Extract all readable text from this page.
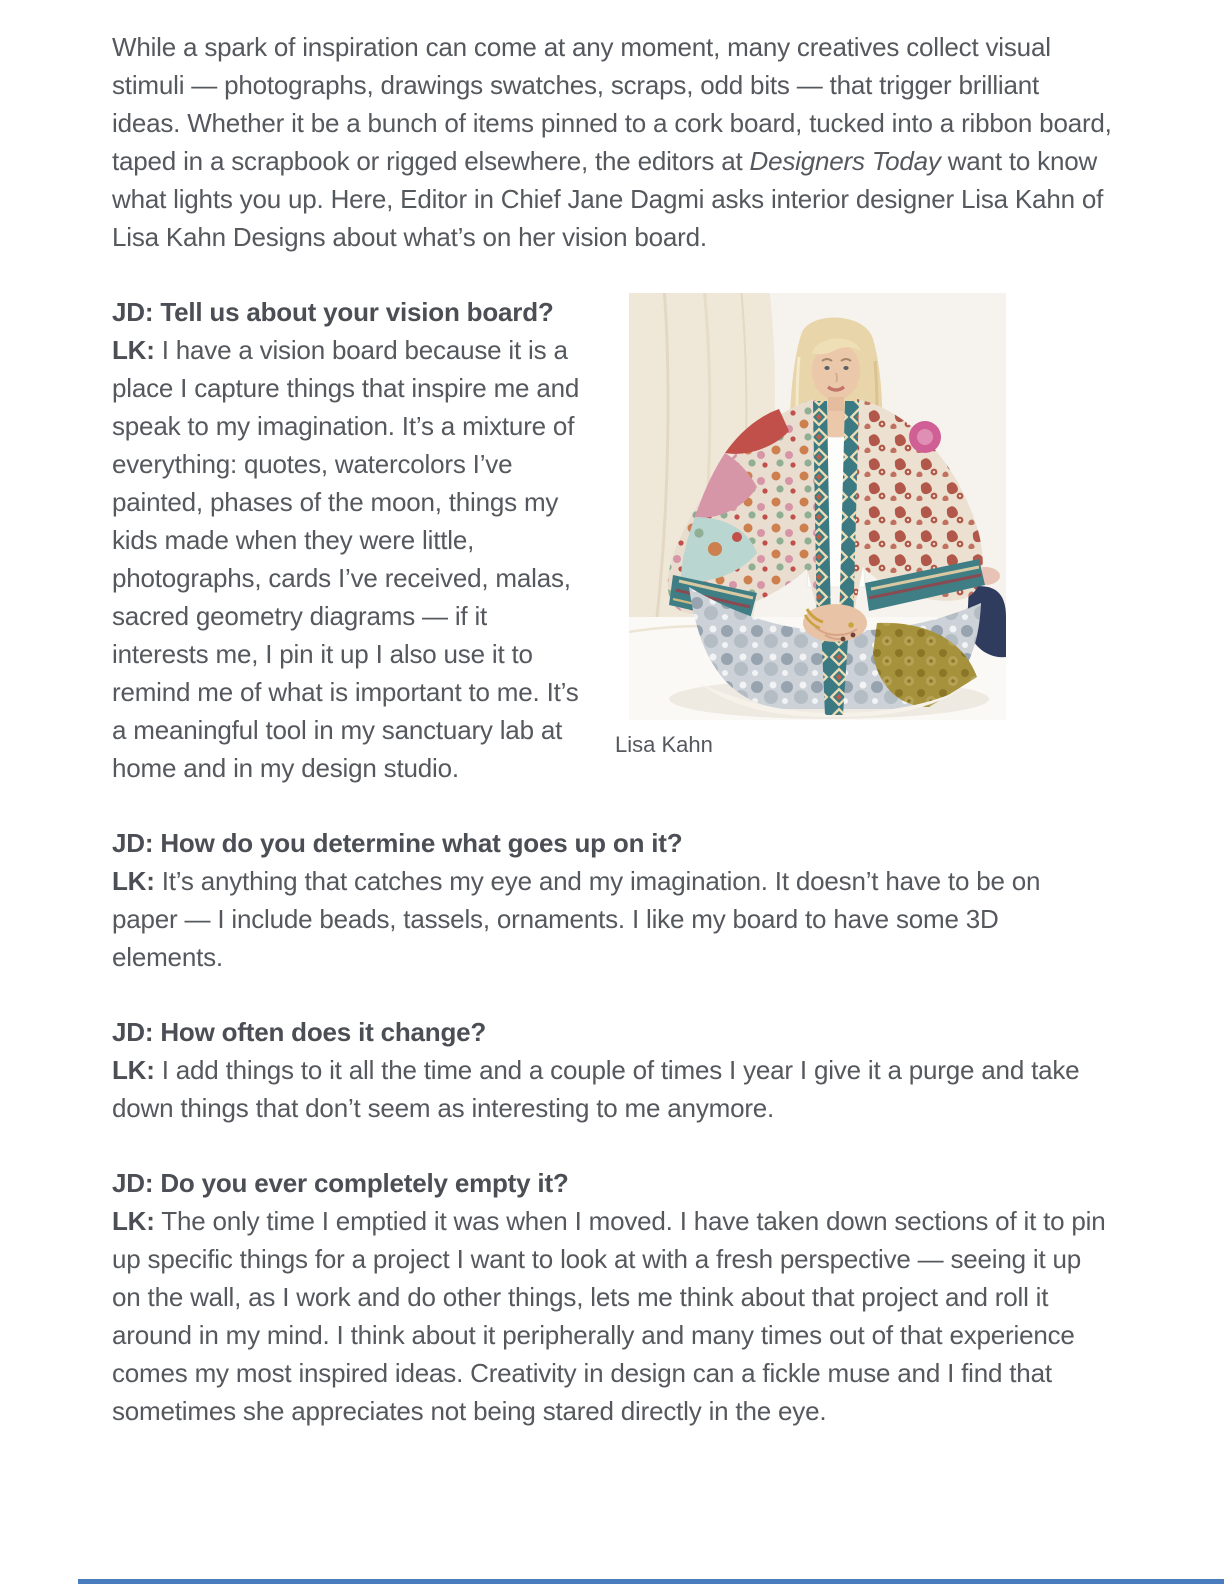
While a spark of inspiration can come at any moment, many creatives collect visual stimuli — photographs, drawings swatches, scraps, odd bits — that trigger brilliant ideas. Whether it be a bunch of items pinned to a cork board, tucked into a ribbon board, taped in a scrapbook or rigged elsewhere, the editors at Designers Today want to know what lights you up. Here, Editor in Chief Jane Dagmi asks interior designer Lisa Kahn of Lisa Kahn Designs about what’s on her vision board.

Lisa Kahn

JD: Tell us about your vision board?
LK: I have a vision board because it is a place I capture things that inspire me and speak to my imagination. It’s a mixture of everything: quotes, watercolors I’ve painted, phases of the moon, things my kids made when they were little, photographs, cards I’ve received, malas, sacred geometry diagrams — if it interests me, I pin it up I also use it to remind me of what is important to me. It’s a meaningful tool in my sanctuary lab at home and in my design studio.

JD: How do you determine what goes up on it?
LK: It’s anything that catches my eye and my imagination. It doesn’t have to be on paper — I include beads, tassels, ornaments. I like my board to have some 3D elements.

JD: How often does it change?
LK: I add things to it all the time and a couple of times I year I give it a purge and take down things that don’t seem as interesting to me anymore.

JD: Do you ever completely empty it?
LK: The only time I emptied it was when I moved. I have taken down sections of it to pin up specific things for a project I want to look at with a fresh perspective — seeing it up on the wall, as I work and do other things, lets me think about that project and roll it around in my mind. I think about it peripherally and many times out of that experience comes my most inspired ideas. Creativity in design can a fickle muse and I find that sometimes she appreciates not being stared directly in the eye.
